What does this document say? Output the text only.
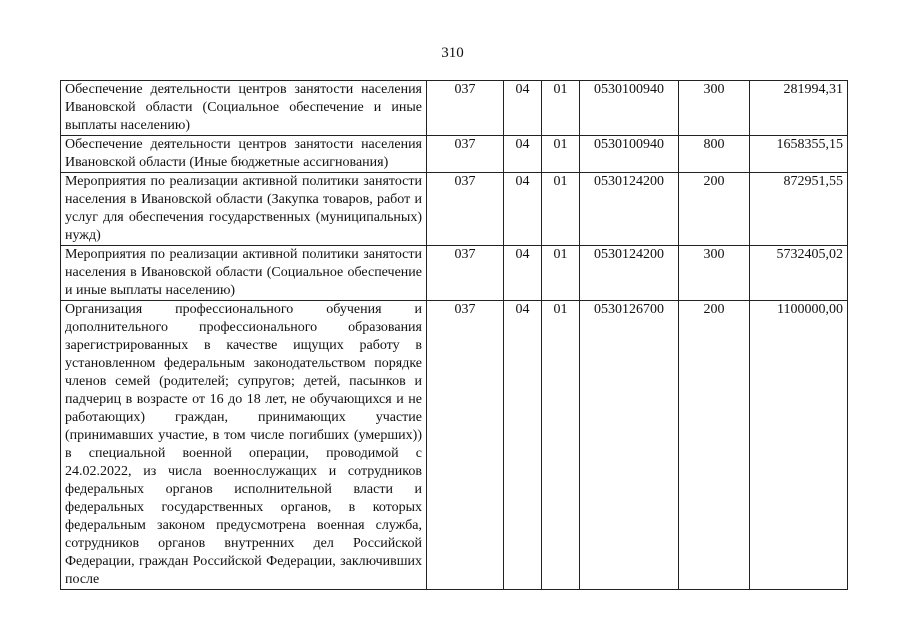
310
Обеспечение деятельности центров занятости населения Ивановской области (Социальное обеспечение и иные выплаты населению)	037	04	01	0530100940	300	281994,31

Обеспечение деятельности центров занятости населения Ивановской области (Иные бюджетные ассигнования)	037	04	01	0530100940	800	1658355,15

Мероприятия по реализации активной политики занятости населения в Ивановской области (Закупка товаров, работ и услуг для обеспечения государственных (муниципальных) нужд)	037	04	01	0530124200	200	872951,55

Мероприятия по реализации активной политики занятости населения в Ивановской области (Социальное обеспечение и иные выплаты населению)	037	04	01	0530124200	300	5732405,02

Организация профессионального обучения и дополнительного профессионального образования зарегистрированных в качестве ищущих работу в установленном федеральным законодательством порядке членов семей (родителей; супругов; детей, пасынков и падчериц в возрасте от 16 до 18 лет, не обучающихся и не работающих) граждан, принимающих участие (принимавших участие, в том числе погибших (умерших)) в специальной военной операции, проводимой с 24.02.2022, из числа военнослужащих и сотрудников федеральных органов исполнительной власти и федеральных государственных органов, в которых федеральным законом предусмотрена военная служба, сотрудников органов внутренних дел Российской Федерации, граждан Российской Федерации, заключивших после	037	04	01	0530126700	200	1100000,00
